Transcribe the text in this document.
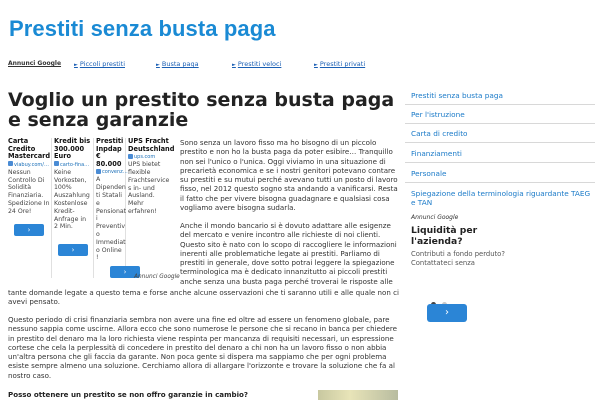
Prestiti senza busta paga
Annunci Google	► Piccoli prestiti	► Busta paga	► Prestiti veloci	► Prestiti privati
Voglio un prestito senza busta paga e senza garanzie
Carta
Credito
Mastercard
viabuy.com/…
Nessun
Controllo Di
Solidità
Finanziaria.
Spedizione In
24 Ore!
›
Kredit bis
300.000
Euro
carto-fina…
Keine
Vorkosten,
100%
Auszahlung
Kostenlose
Kredit-
Anfrage in
2 Min.
›
Prestiti
Inpdap
€
80.000
convenz…
A
Dipenden
ti Statali
e
Pensionat
i
Preventiv
o
Immediat
o Online !
UPS Fracht
Deutschland
ups.com
UPS bietet
flexible
Frachtservice
s in- und
Ausland.
Mehr
erfahren!
›
Annunci Google
Sono senza un lavoro fisso ma ho bisogno di un piccolo
prestito e non ho la busta paga da poter esibire… Tranquillo
non sei l'unico o l'unica. Oggi viviamo in una situazione di
precarietà economica e se i nostri genitori potevano contare
su prestiti e su mutui perché avevano tutti un posto di lavoro
fisso, nel 2012 questo sogno sta andando a vanificarsi. Resta
il fatto che per vivere bisogna guadagnare e qualsiasi cosa
vogliamo avere bisogna sudarla.
Anche il mondo bancario si è dovuto adattare alle esigenze
del mercato e venire incontro alle richieste di noi clienti.
Questo sito è nato con lo scopo di raccogliere le informazioni
inerenti alle problematiche legate ai prestiti. Parliamo di
prestiti in generale, dove sotto potrai leggere la spiegazione
terminologica ma è dedicato innanzitutto ai piccoli prestiti
anche senza una busta paga perché troverai le risposte alle
tante domande legate a questo tema e forse anche alcune osservazioni che ti saranno utili e alle quale non ci
avevi pensato.
Questo periodo di crisi finanziaria sembra non avere una fine ed oltre ad essere un fenomeno globale, pare
nessuno sappia come uscirne. Allora ecco che sono numerose le persone che si recano in banca per chiedere
in prestito del denaro ma la loro richiesta viene respinta per mancanza di requisiti necessari, un espressione
cortese che cela la perplessità di concedere in prestito del denaro a chi non ha un lavoro fisso o non abbia
un'altra persona che gli faccia da garante. Non poca gente si dispera ma sappiamo che per ogni problema
esiste sempre almeno una soluzione. Cerchiamo allora di allargare l'orizzonte e trovare la soluzione che fa al
nostro caso.
Posso ottenere un prestito se non offro garanzie in cambio?
Prestiti senza busta paga
Per l'istruzione
Carta di credito
Finanziamenti
Personale
Spiegazione della terminologia riguardante TAEG e TAN
Annunci Google
Liquidità per l'azienda?
Contributi a fondo perduto? Contattateci senza
›
